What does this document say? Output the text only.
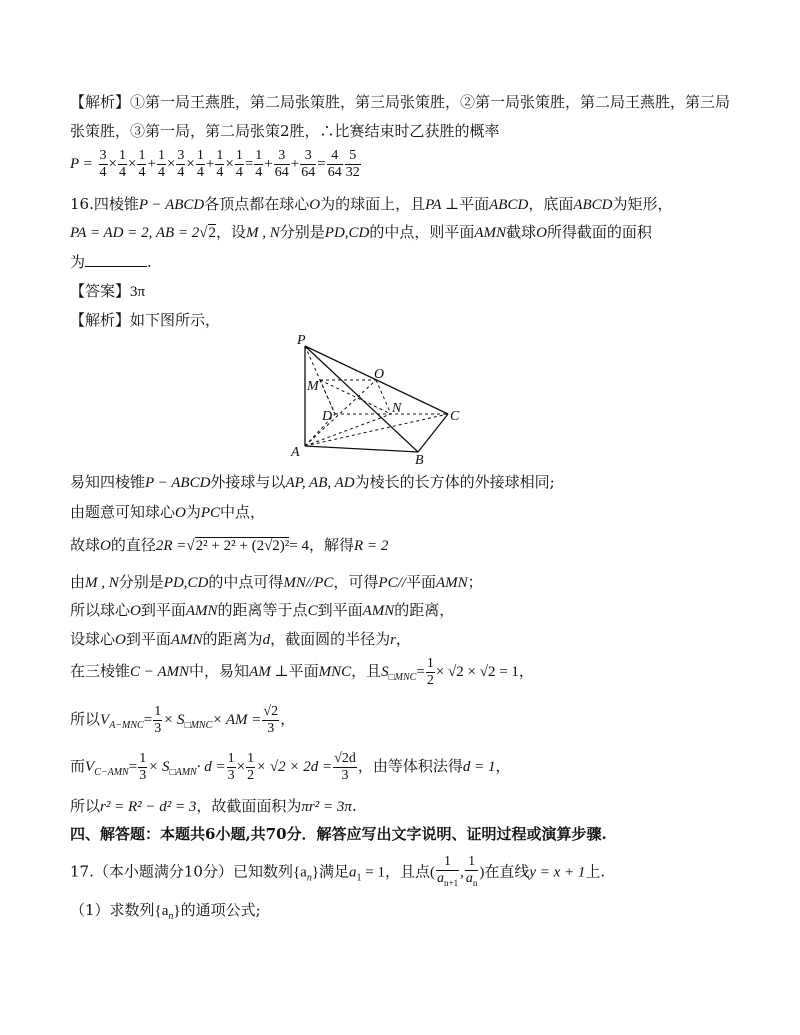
【解析】①第一局王燕胜，第二局张策胜，第三局张策胜，②第一局张策胜，第二局王燕胜，第三局
张策胜，③第一局，第二局张策2胜，∴比赛结束时乙获胜的概率
$P = \frac{3}{4} \times \frac{1}{4} \times \frac{1}{4} + \frac{1}{4} \times \frac{3}{4} \times \frac{1}{4} + \frac{1}{4} \times \frac{1}{4} = \frac{1}{4} + \frac{3}{64} + \frac{3}{64} = \frac{4}{64} \frac{5}{32}$
16.四棱锥P − ABCD各顶点都在球心O为的球面上，且PA ⊥平面ABCD，底面ABCD为矩形，
PA = AD = 2, AB = 2√2，设M , N分别是PD,CD的中点，则平面AMN截球O所得截面的面积
为	.
【答案】3π
【解析】如下图所示，
P
M
O
D
N
C
A
B
易知四棱锥P − ABCD外接球与以AP, AB, AD为棱长的长方体的外接球相同;
由题意可知球心O为PC中点，
故球O的直径2R =√2² + 2² + (2√2)²= 4，解得R = 2
由M , N分别是PD,CD的中点可得MN//PC，可得PC//平面AMN；
所以球心O到平面AMN的距离等于点C到平面AMN的距离，
设球心O到平面AMN的距离为d，截面圆的半径为r，
在三棱锥C − AMN中，易知AM ⊥平面MNC，且$S_{□MNC}= \frac{1}{2} \times √2 \times √2 = 1$，
所以$V_{A-MNC}= \frac{1}{3} \times S_{□MNC}\times$ AM = $\frac{√2}{3}$ ，
而$V_{C-AMN}= \frac{1}{3} \times S_{□AMN}\cdot d = \frac{1}{3} \times \frac{1}{2} \times √2 \times 2d = \frac{√2d}{3}$ ，由等体积法得d = 1，
所以r² = R² − d² = 3，故截面面积为πr² = 3π.
四、解答题：本题共6小题,共70分．解答应写出文字说明、证明过程或演算步骤.
17.（本小题满分10分）已知数列$\{a_n\}$满足$a_1 = 1$，且点( $\frac{1}{a_{n+1}}$ , $\frac{1}{a_n}$ )在直线y = x + 1上.
（1）求数列$\{a_n\}$的通项公式;
